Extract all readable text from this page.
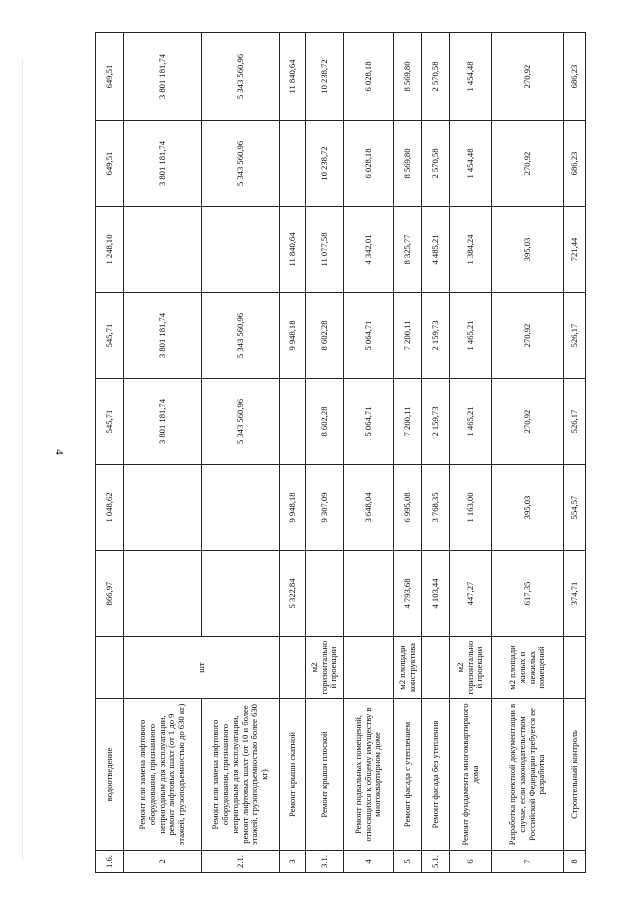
4
1.6.	водоотведение		866,97	1 048,62	545,71	545,71	1 248,10	649,51	649,51
2	Ремонт или замена лифтового оборудования, признанного непригодным для эксплуатации, ремонт лифтовых шахт (от 1 до 9 этажей, грузоподъемностью до 630 кг)	шт			3 801 181,74	3 801 181,74		3 801 181,74	3 801 181,74
2.1.	Ремонт или замена лифтового оборудования, признанного непригодным для эксплуатации, ремонт лифтовых шахт (от 10 и более этажей, грузоподъемностью более 630 кг)				5 343 560,96	5 343 560,96		5 343 560,96	5 343 560,96
3	Ремонт крыши скатной		5 322,84	9 948,18		9 948,18	11 840,64		11 840,64
3.1.	Ремонт крыши плоской	м2 горизонтально й проекции		9 307,09	8 602,28	8 602,28	11 077,58	10 238,72	10 238,72
4	Ремонт подвальных помещений, относящихся к общему имуществу в многоквартирном доме			3 648,04	5 064,71	5 064,71	4 342,01	6 028,18	6 028,18
5	Ремонт фасада с утеплением	м2 площади конструктива	4 793,68	6 995,08	7 200,11	7 200,11	8 325,77	8 569,80	8 569,80
5.1.	Ремонт фасада без утепления		4 103,44	3 768,35	2 159,73	2 159,73	4 485,21	2 570,58	2 570,58
6	Ремонт фундамента многоквартирного дома	м2 горизонтально й проекции	447,27	1 163,00	1 465,21	1 465,21	1 384,24	1 454,48	1 454,48
7	Разработка проектной документации в случае, если законодательством Российской Федерации требуется ее разработка	м2 площади жилых и нежилых помещений	617,35	395,03	270,92	270,92	395,03	270,92	270,92
8	Строительный контроль		374,71	554,57	526,17	526,17	721,44	686,23	686,23
